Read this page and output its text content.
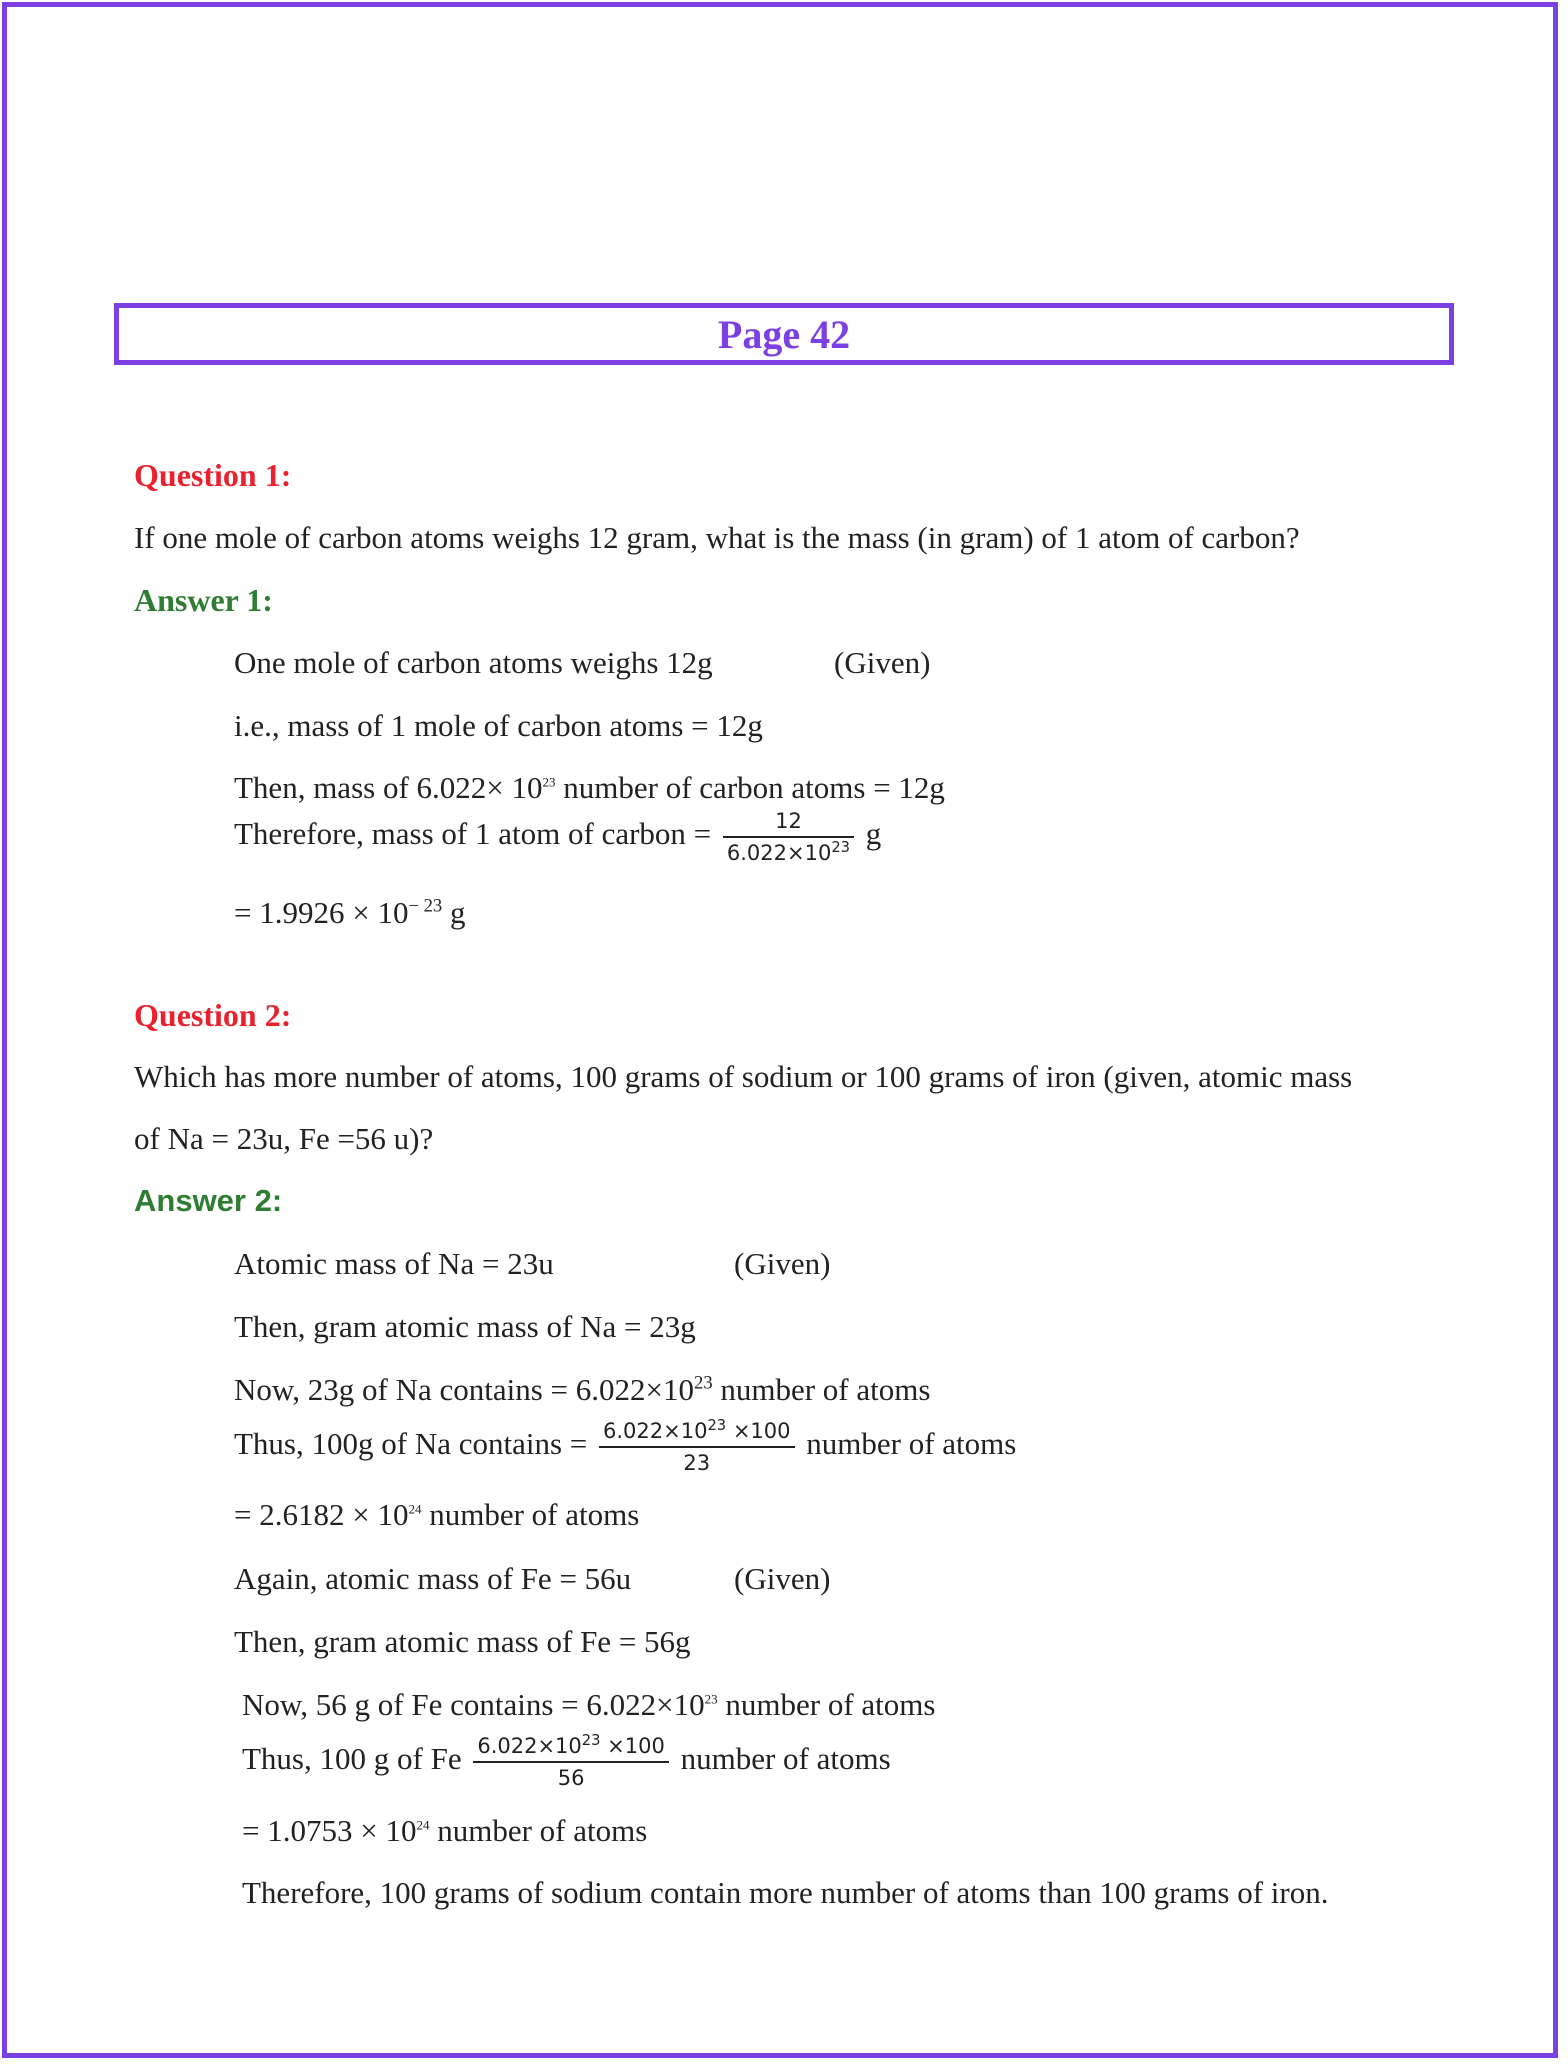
Page 42
Question 1:
If one mole of carbon atoms weighs 12 gram, what is the mass (in gram) of 1 atom of carbon?
Answer 1:
One mole of carbon atoms weighs 12g	(Given)
i.e., mass of 1 mole of carbon atoms = 12g
Then, mass of $6.022\times 10^{23}$ number of carbon atoms = 12g
Therefore, mass of 1 atom of carbon = $\frac{12}{6.022\times 10^{23}}$ g
= $1.9926 \times 10^{- 23}$ g
Question 2:
Which has more number of atoms, 100 grams of sodium or 100 grams of iron (given, atomic mass
of Na = 23u, Fe =56 u)?
Answer 2:
Atomic mass of Na = 23u	(Given)
Then, gram atomic mass of Na = 23g
Now, 23g of Na contains = $6.022\times 10^{23}$ number of atoms
Thus, 100g of Na contains = $\frac{6.022\times 10^{23} \times 100}{23}$ number of atoms
= $2.6182 \times 10^{24}$ number of atoms
Again, atomic mass of Fe = 56u	(Given)
Then, gram atomic mass of Fe = 56g
Now, 56 g of Fe contains = $6.022\times 10^{23}$ number of atoms
Thus, 100 g of Fe $\frac{6.022\times 10^{23} \times 100}{56}$ number of atoms
= $1.0753 \times 10^{24}$ number of atoms
Therefore, 100 grams of sodium contain more number of atoms than 100 grams of iron.
